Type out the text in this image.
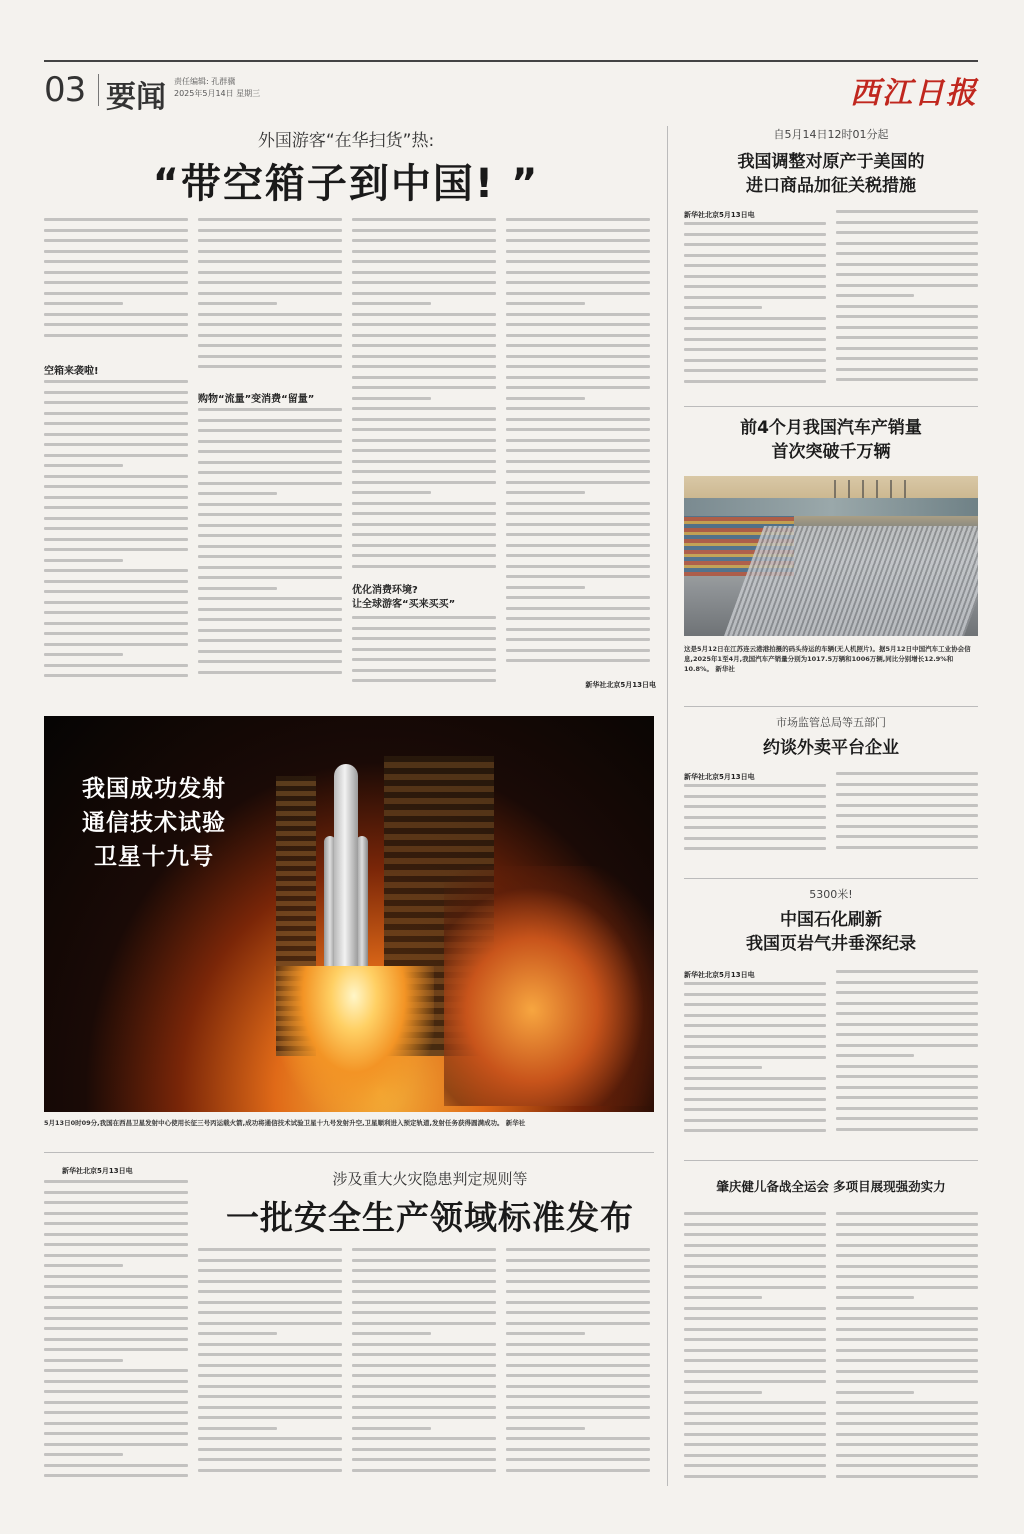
03 要闻 责任编辑: 孔群骥
2025年5月14日 星期三	西江日报
外国游客“在华扫货”热:
“带空箱子到中国! ”
空箱来袭啦!
购物“流量”变消费“留量”
优化消费环境?
让全球游客“买来买买”
新华社北京5月13日电
自5月14日12时01分起
我国调整对原产于美国的
进口商品加征关税措施
新华社北京5月13日电
前4个月我国汽车产销量
首次突破千万辆
这是5月12日在江苏连云港港拍摄的码头待运的车辆(无人机照片)。据5月12日中国汽车工业协会信息,2025年1至4月,我国汽车产销量分别为1017.5万辆和1006万辆,同比分别增长12.9%和10.8%。 新华社
市场监管总局等五部门
约谈外卖平台企业
新华社北京5月13日电
5300米!
中国石化刷新
我国页岩气井垂深纪录
新华社北京5月13日电
我国成功发射
通信技术试验
卫星十九号
5月13日0时09分,我国在西昌卫星发射中心使用长征三号丙运载火箭,成功将通信技术试验卫星十九号发射升空,卫星顺利进入预定轨道,发射任务获得圆满成功。 新华社
新华社北京5月13日电	涉及重大火灾隐患判定规则等
一批安全生产领域标准发布
肇庆健儿备战全运会 多项目展现强劲实力
